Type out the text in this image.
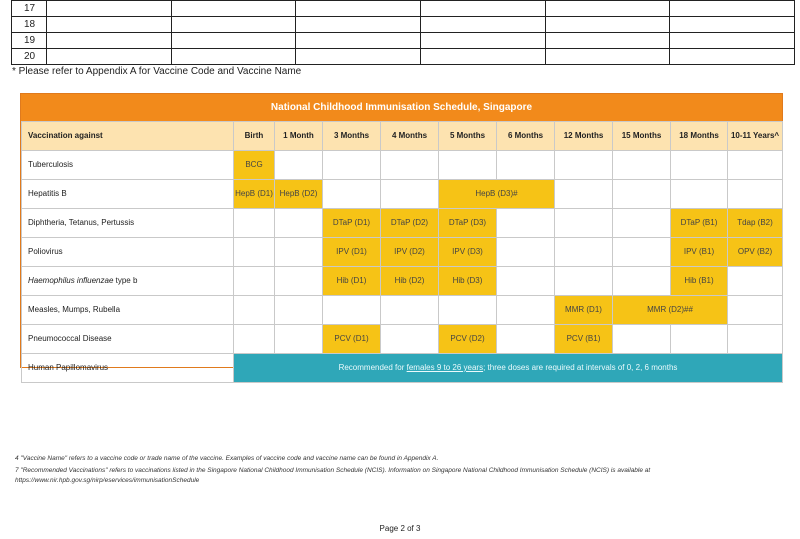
17						
18						
19						
20						
* Please refer to Appendix A for Vaccine Code and Vaccine Name
National Childhood Immunisation Schedule, Singapore
Vaccination against	Birth	1 Month	3 Months	4 Months	5 Months	6 Months	12 Months	15 Months	18 Months	10-11 Years^
Tuberculosis	BCG									
Hepatitis B	HepB (D1)	HepB (D2)			HepB (D3)#					
Diphtheria, Tetanus, Pertussis			DTaP (D1)	DTaP (D2)	DTaP (D3)				DTaP (B1)	Tdap (B2)
Poliovirus			IPV (D1)	IPV (D2)	IPV (D3)				IPV (B1)	OPV (B2)
Haemophilus influenzae type b			Hib (D1)	Hib (D2)	Hib (D3)				Hib (B1)	
Measles, Mumps, Rubella							MMR (D1)	MMR (D2)##		
Pneumococcal Disease			PCV (D1)		PCV (D2)		PCV (B1)			
Human Papillomavirus	Recommended for females 9 to 26 years; three doses are required at intervals of 0, 2, 6 months									
4 "Vaccine Name" refers to a vaccine code or trade name of the vaccine. Examples of vaccine code and vaccine name can be found in Appendix A.
7 "Recommended Vaccinations" refers to vaccinations listed in the Singapore National Childhood Immunisation Schedule (NCIS). Information on Singapore National Childhood Immunisation Schedule (NCIS) is available at
https://www.nir.hpb.gov.sg/nirp/eservices/immunisationSchedule
Page 2 of 3
